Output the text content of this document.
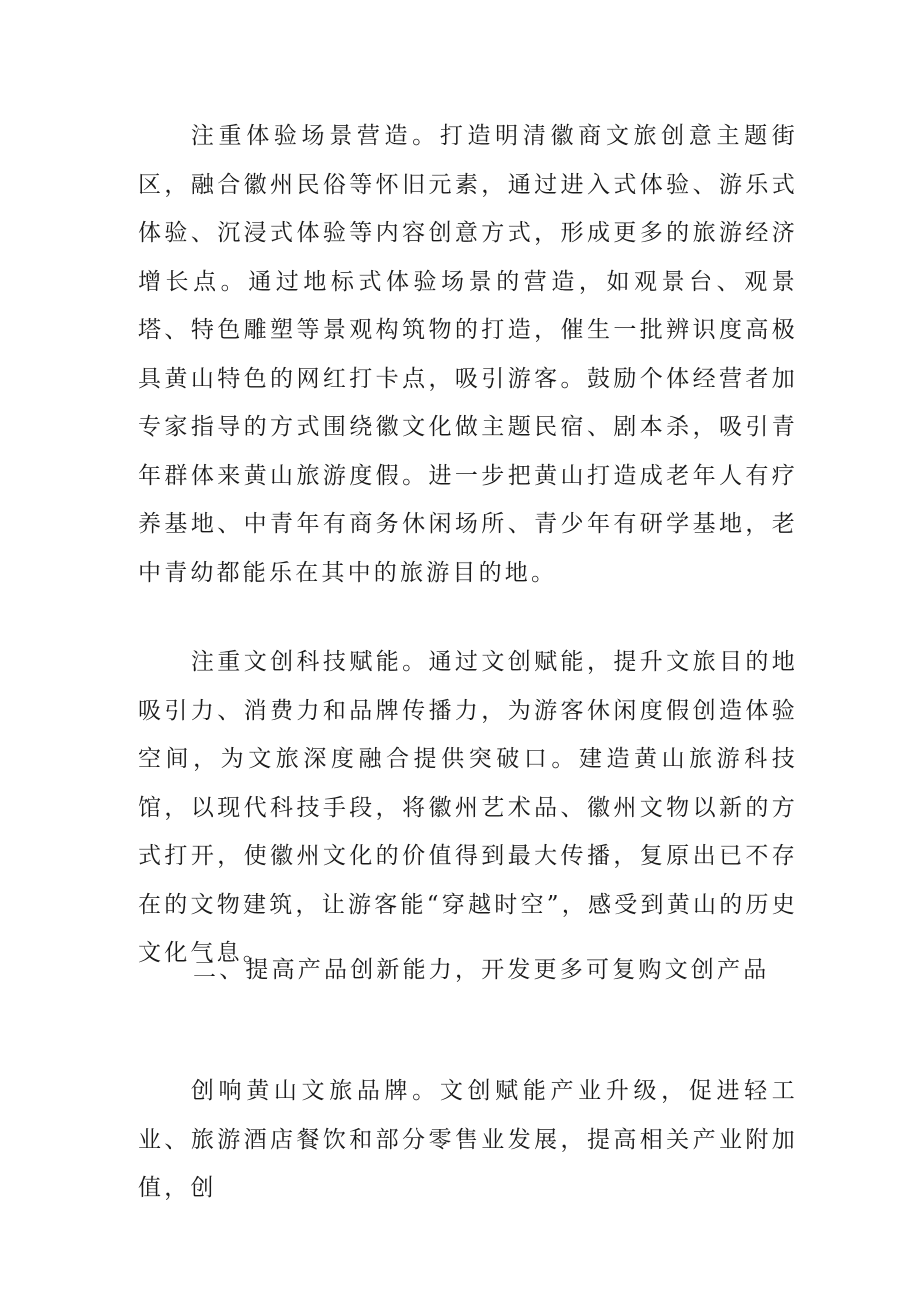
注重体验场景营造。打造明清徽商文旅创意主题街区，融合徽州民俗等怀旧元素，通过进入式体验、游乐式体验、沉浸式体验等内容创意方式，形成更多的旅游经济增长点。通过地标式体验场景的营造，如观景台、观景塔、特色雕塑等景观构筑物的打造，催生一批辨识度高极具黄山特色的网红打卡点，吸引游客。鼓励个体经营者加专家指导的方式围绕徽文化做主题民宿、剧本杀，吸引青年群体来黄山旅游度假。进一步把黄山打造成老年人有疗养基地、中青年有商务休闲场所、青少年有研学基地，老中青幼都能乐在其中的旅游目的地。

注重文创科技赋能。通过文创赋能，提升文旅目的地吸引力、消费力和品牌传播力，为游客休闲度假创造体验空间，为文旅深度融合提供突破口。建造黄山旅游科技馆，以现代科技手段，将徽州艺术品、徽州文物以新的方式打开，使徽州文化的价值得到最大传播，复原出已不存在的文物建筑，让游客能“穿越时空”，感受到黄山的历史文化气息。

二、提高产品创新能力，开发更多可复购文创产品

创响黄山文旅品牌。文创赋能产业升级，促进轻工业、旅游酒店餐饮和部分零售业发展，提高相关产业附加值，创
